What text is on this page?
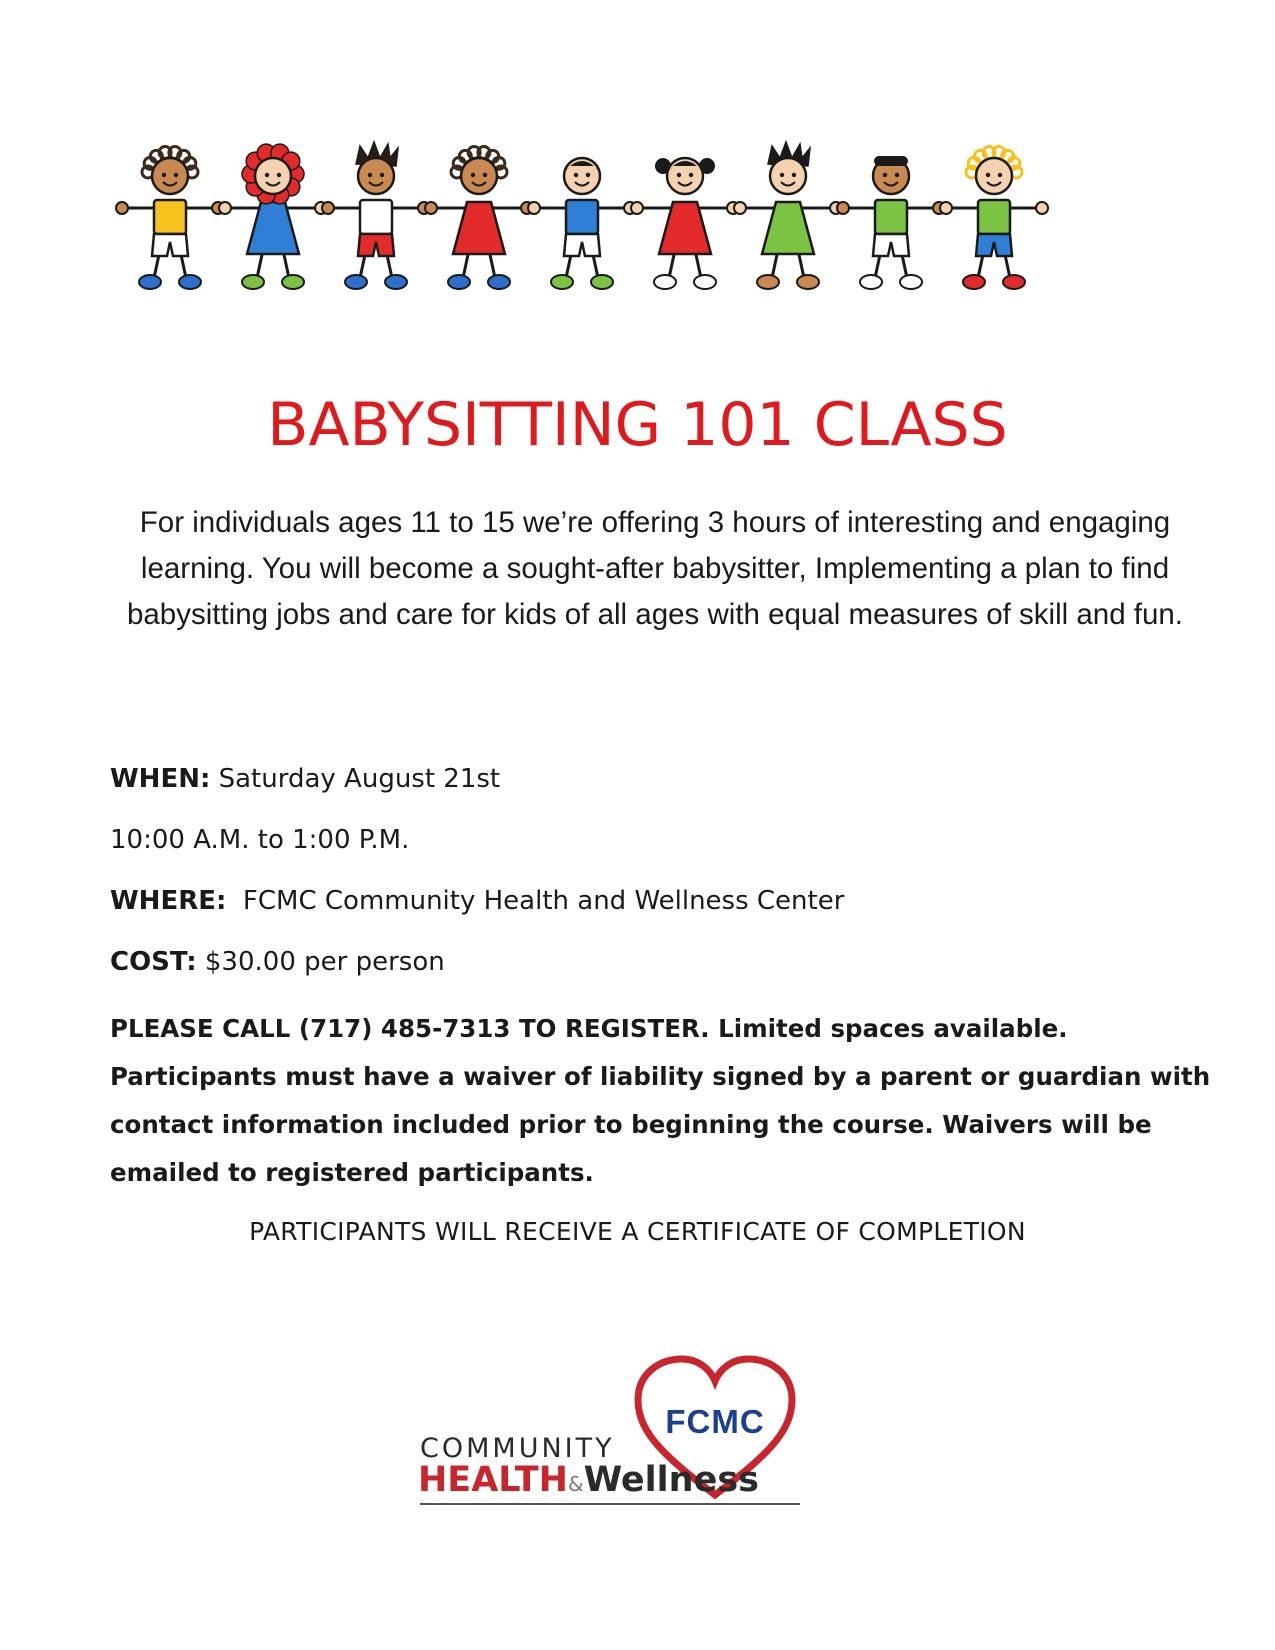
BABYSITTING 101 CLASS

For individuals ages 11 to 15 we’re offering 3 hours of interesting and engaging learning. You will become a sought-after babysitter, Implementing a plan to find babysitting jobs and care for kids of all ages with equal measures of skill and fun.

WHEN: Saturday August 21st

10:00 A.M. to 1:00 P.M.

WHERE:  FCMC Community Health and Wellness Center

COST: $30.00 per person

PLEASE CALL (717) 485-7313 TO REGISTER. Limited spaces available. Participants must have a waiver of liability signed by a parent or guardian with contact information included prior to beginning the course. Waivers will be emailed to registered participants.

PARTICIPANTS WILL RECEIVE A CERTIFICATE OF COMPLETION

FCMC
COMMUNITY
HEALTH&Wellness
